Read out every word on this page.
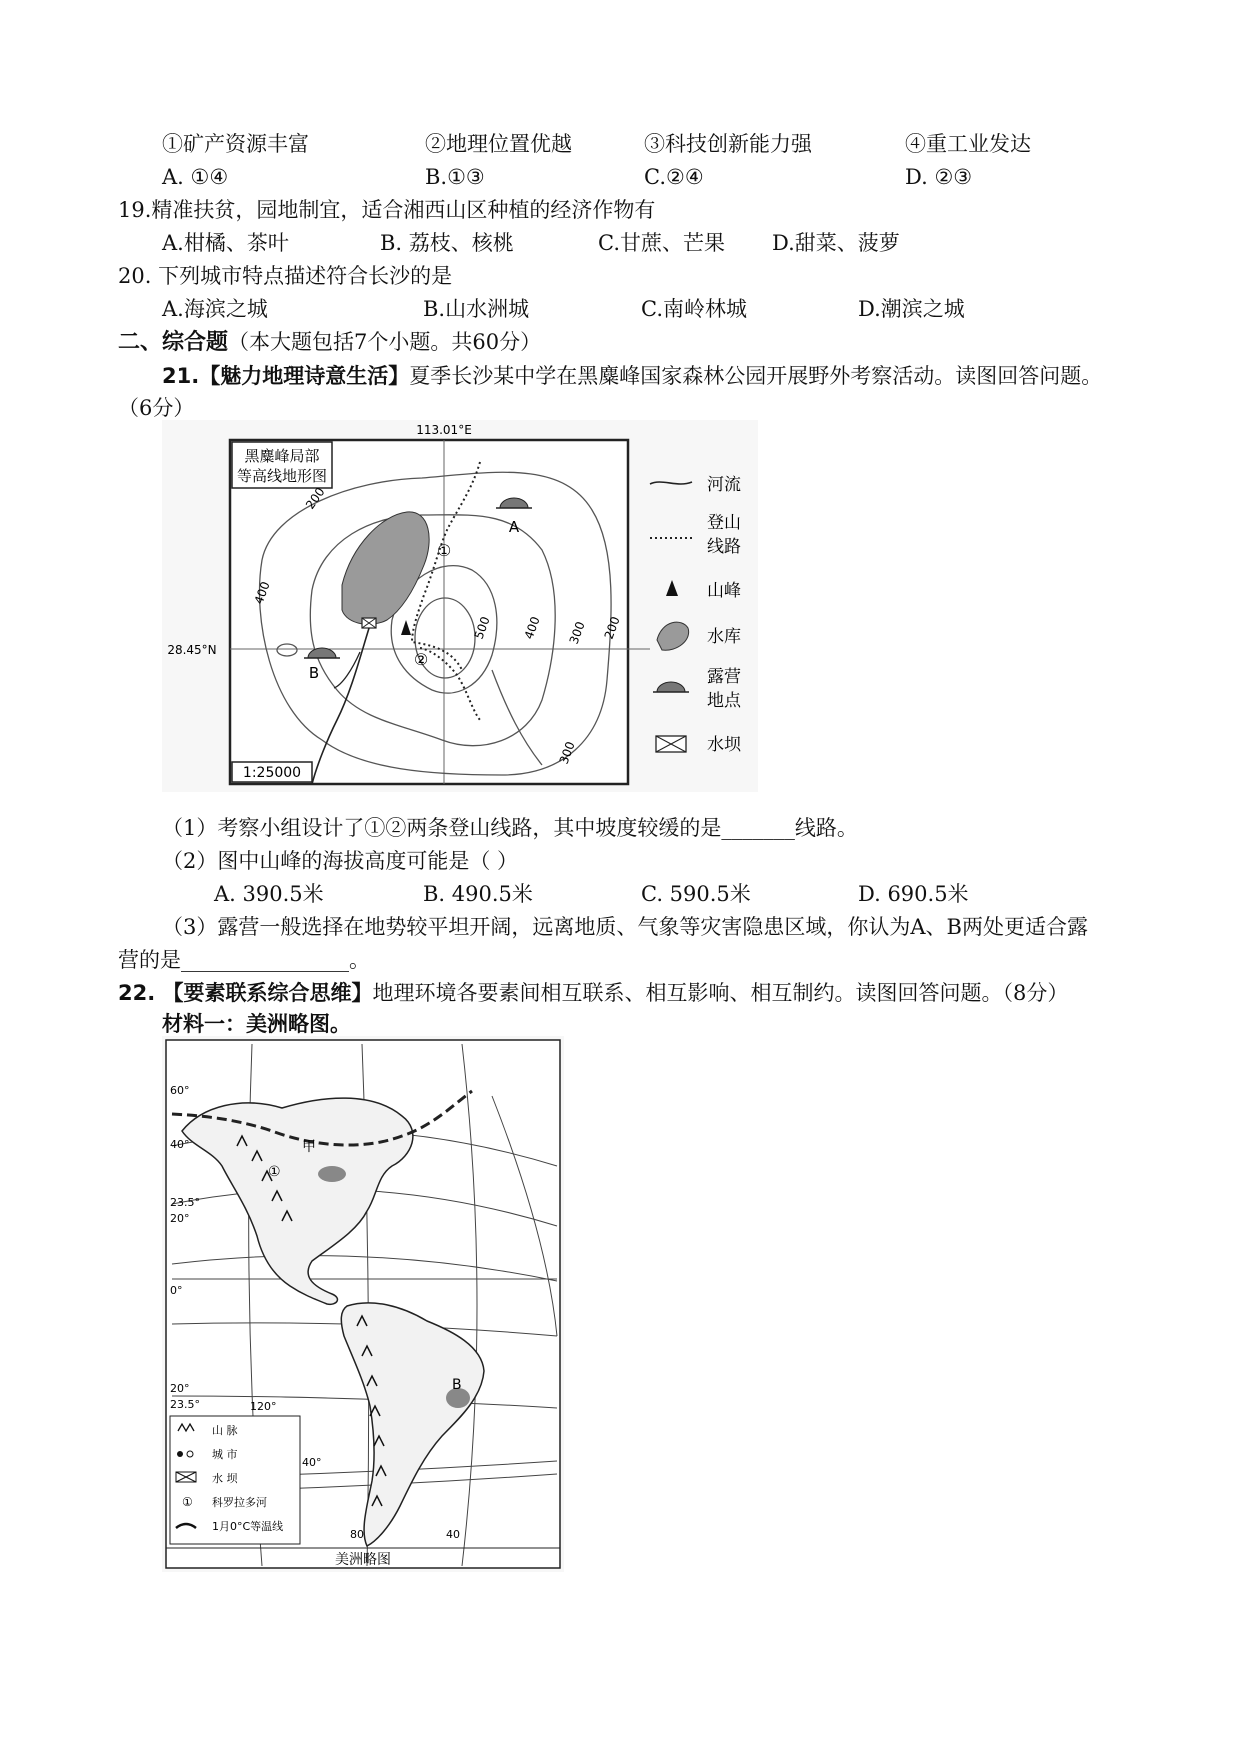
①矿产资源丰富	②地理位置优越	③科技创新能力强	④重工业发达
A. ①④	B.①③	C.②④	D. ②③
19.精准扶贫，园地制宜，适合湘西山区种植的经济作物有
A.柑橘、茶叶	B. 荔枝、核桃	C.甘蔗、芒果 D.甜菜、菠萝
20. 下列城市特点描述符合长沙的是
A.海滨之城	B.山水洲城	C.南岭林城	D.潮滨之城
二、综合题（本大题包括7个小题。共60分）
21.【魅力地理诗意生活】夏季长沙某中学在黑麋峰国家森林公园开展野外考察活动。读图回答问题。
（6分）
黑麋峰局部
等高线地形图
113.01°E
28.45°N
A
B
①
②
200
400
500 400 300 200
300
1:25000
河流
登山
线路
山峰
水库
露营
地点
水坝
（1）考察小组设计了①②两条登山线路，其中坡度较缓的是_______线路。
（2）图中山峰的海拔高度可能是（ ）
A. 390.5米	B. 490.5米	C. 590.5米	D. 690.5米
（3）露营一般选择在地势较平坦开阔，远离地质、气象等灾害隐患区域，你认为A、B两处更适合露
营的是________________。
22. 【要素联系综合思维】地理环境各要素间相互联系、相互影响、相互制约。读图回答问题。（8分）
材料一：美洲略图。
甲
①
B
60°
40°
23.5°
20°
0°
20°
23.5°
40°
120°
80	40
山 脉
城 市
水 坝
① 科罗拉多河
1月0°C等温线
美洲略图
